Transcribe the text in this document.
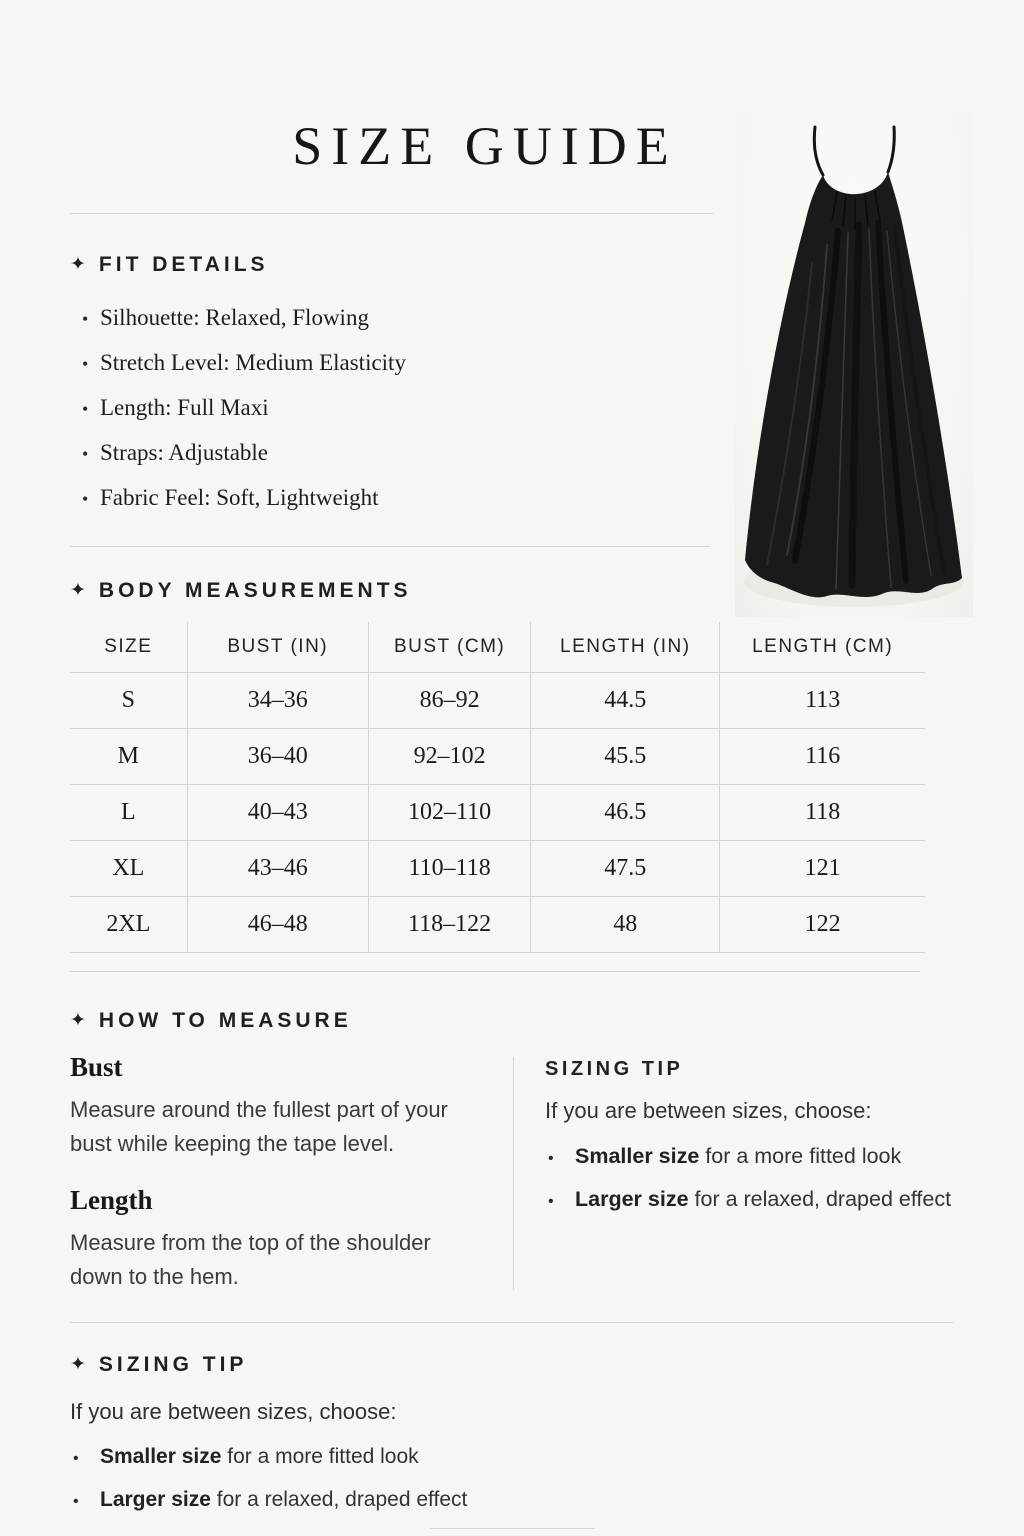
SIZE GUIDE
✦ FIT DETAILS
• Silhouette: Relaxed, Flowing
• Stretch Level: Medium Elasticity
• Length: Full Maxi
• Straps: Adjustable
• Fabric Feel: Soft, Lightweight
✦ BODY MEASUREMENTS
SIZE	BUST (IN)	BUST (CM)	LENGTH (IN)	LENGTH (CM)
S	34–36	86–92	44.5	113
M	36–40	92–102	45.5	116
L	40–43	102–110	46.5	118
XL	43–46	110–118	47.5	121
2XL	46–48	118–122	48	122
✦ HOW TO MEASURE
Bust

Measure around the fullest part of your bust while keeping the tape level.

Length

Measure from the top of the shoulder down to the hem.

SIZING TIP

If you are between sizes, choose:

• Smaller size for a more fitted look
• Larger size for a relaxed, draped effect
✦ SIZING TIP

If you are between sizes, choose:

•	Smaller size for a more fitted look
•	Larger size for a relaxed, draped effect
